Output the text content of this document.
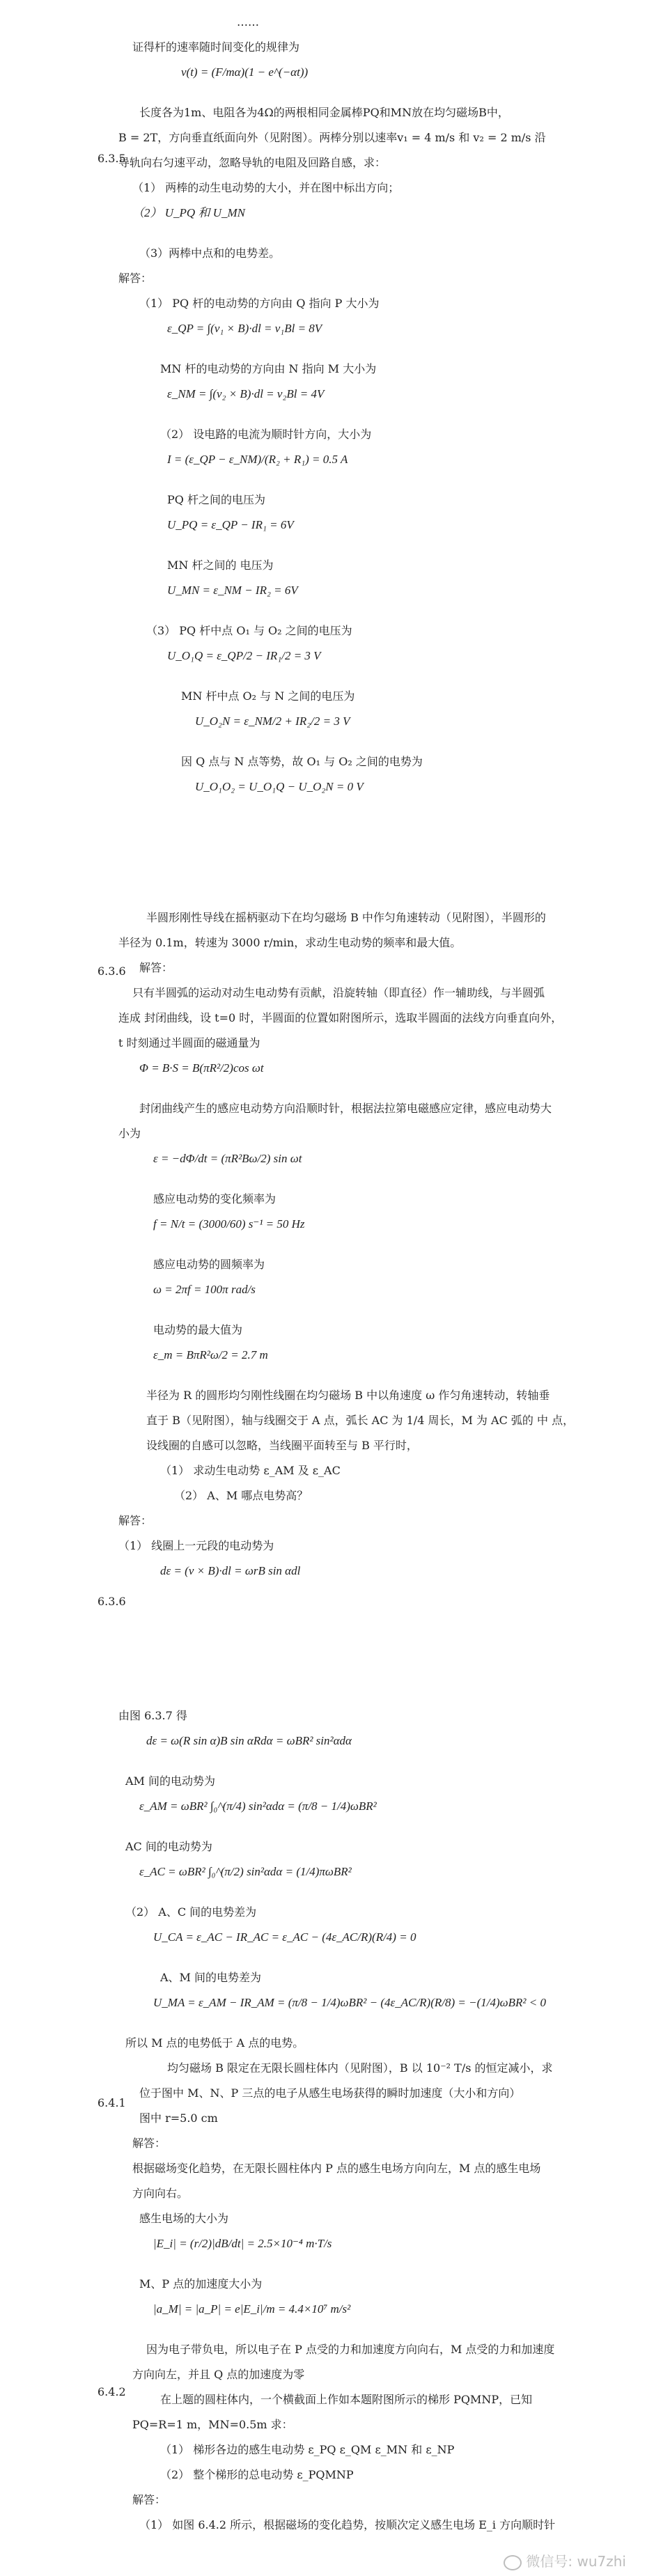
……
证得杆的速率随时间变化的规律为
v(t) = (F/mα)(1 − e^(−αt))
长度各为1m、电阻各为4Ω的两根相同金属棒PQ和MN放在均匀磁场B中，
B = 2T，方向垂直纸面向外（见附图）。两棒分别以速率v₁ = 4 m/s 和 v₂ = 2 m/s 沿
导轨向右匀速平动，忽略导轨的电阻及回路自感，求：
（1） 两棒的动生电动势的大小，并在图中标出方向；
（2） U_PQ 和 U_MN
（3）两棒中点和的电势差。
解答：
（1） PQ 杆的电动势的方向由 Q 指向 P 大小为
ε_QP = ∫(v₁ × B)·dl = v₁Bl = 8V
MN 杆的电动势的方向由 N 指向 M 大小为
ε_NM = ∫(v₂ × B)·dl = v₂Bl = 4V
（2） 设电路的电流为顺时针方向，大小为
I = (ε_QP − ε_NM)/(R₂ + R₁) = 0.5 A
PQ 杆之间的电压为
U_PQ = ε_QP − IR₁ = 6V
MN 杆之间的 电压为
U_MN = ε_NM − IR₂ = 6V
（3） PQ 杆中点 O₁ 与 O₂ 之间的电压为
U_O₁Q = ε_QP/2 − IR₁/2 = 3 V
MN 杆中点 O₂ 与 N 之间的电压为
U_O₂N = ε_NM/2 + IR₂/2 = 3 V
因 Q 点与 N 点等势，故 O₁ 与 O₂ 之间的电势为
U_O₁O₂ = U_O₁Q − U_O₂N = 0 V
半圆形刚性导线在摇柄驱动下在均匀磁场 B 中作匀角速转动（见附图），半圆形的
半径为 0.1m，转速为 3000 r/min，求动生电动势的频率和最大值。
解答：
只有半圆弧的运动对动生电动势有贡献，沿旋转轴（即直径）作一辅助线，与半圆弧
连成 封闭曲线，设 t=0 时，半圆面的位置如附图所示，选取半圆面的法线方向垂直向外，
t 时刻通过半圆面的磁通量为
Φ = B·S = B(πR²/2)cos ωt
封闭曲线产生的感应电动势方向沿顺时针，根据法拉第电磁感应定律，感应电动势大
小为
ε = −dΦ/dt = (πR²Bω/2) sin ωt
感应电动势的变化频率为
f = N/t = (3000/60) s⁻¹ = 50 Hz
感应电动势的圆频率为
ω = 2πf = 100π rad/s
电动势的最大值为
ε_m = BπR²ω/2 = 2.7 m
半径为 R 的圆形均匀刚性线圈在均匀磁场 B 中以角速度 ω 作匀角速转动，转轴垂
直于 B（见附图），轴与线圈交于 A 点，弧长 AC 为 1/4 周长，M 为 AC 弧的 中 点，
设线圈的自感可以忽略，当线圈平面转至与 B 平行时，
（1） 求动生电动势 ε_AM 及 ε_AC
（2） A、M 哪点电势高？
解答：
（1） 线圈上一元段的电动势为
dε = (v × B)·dl = ωrB sin αdl
由图 6.3.7 得
dε = ω(R sin α)B sin αRdα = ωBR² sin²αdα
AM 间的电动势为
ε_AM = ωBR² ∫₀^(π/4) sin²αdα = (π/8 − 1/4)ωBR²
AC 间的电动势为
ε_AC = ωBR² ∫₀^(π/2) sin²αdα = (1/4)πωBR²
（2） A、C 间的电势差为
U_CA = ε_AC − IR_AC = ε_AC − (4ε_AC/R)(R/4) = 0
A、M 间的电势差为
U_MA = ε_AM − IR_AM = (π/8 − 1/4)ωBR² − (4ε_AC/R)(R/8) = −(1/4)ωBR² < 0
所以 M 点的电势低于 A 点的电势。
均匀磁场 B 限定在无限长圆柱体内（见附图），B 以 10⁻² T/s 的恒定减小，求
位于图中 M、N、P 三点的电子从感生电场获得的瞬时加速度（大小和方向）
图中 r=5.0 cm
解答：
根据磁场变化趋势，在无限长圆柱体内 P 点的感生电场方向向左，M 点的感生电场
方向向右。
感生电场的大小为
|E_i| = (r/2)|dB/dt| = 2.5×10⁻⁴ m·T/s
M、P 点的加速度大小为
|a_M| = |a_P| = e|E_i|/m = 4.4×10⁷ m/s²
因为电子带负电，所以电子在 P 点受的力和加速度方向向右，M 点受的力和加速度
方向向左，并且 Q 点的加速度为零
在上题的圆柱体内，一个横截面上作如本题附图所示的梯形 PQMNP，已知
PQ=R=1 m，MN=0.5m 求：
（1） 梯形各边的感生电动势 ε_PQ ε_QM ε_MN 和 ε_NP
（2） 整个梯形的总电动势 ε_PQMNP
解答：
（1） 如图 6.4.2 所示，根据磁场的变化趋势，按顺次定义感生电场 E_i 方向顺时针
6.3.5
6.3.6
6.3.6
6.4.1
6.4.2
微信号: wu7zhi
